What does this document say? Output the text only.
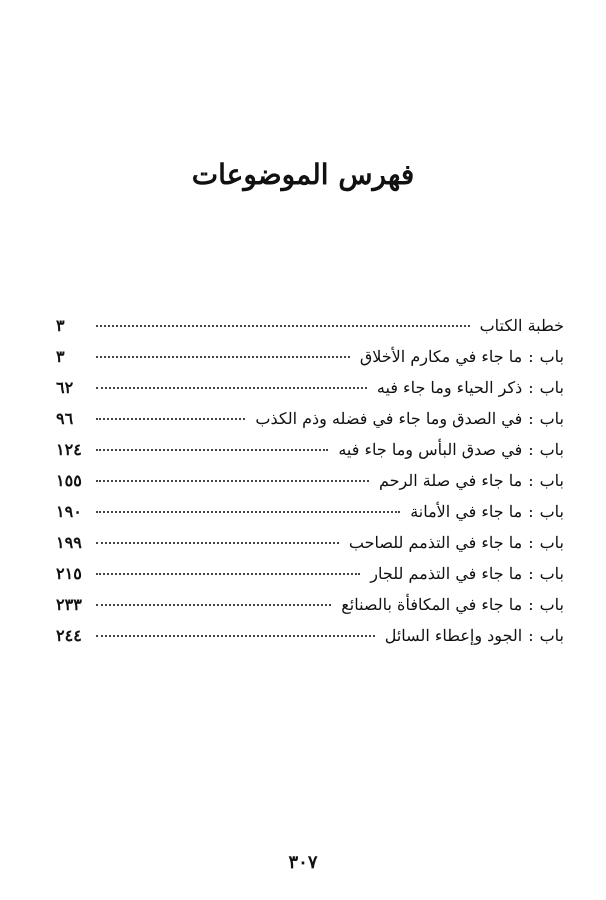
فهرس الموضوعات
خطبة الكتاب
٣
باب:ما جاء في مكارم الأخلاق
٣
باب:ذكر الحياء وما جاء فيه
٦٢
باب:في الصدق وما جاء في فضله وذم الكذب
٩٦
باب:في صدق البأس وما جاء فيه
١٢٤
باب:ما جاء في صلة الرحم
١٥٥
باب:ما جاء في الأمانة
١٩٠
باب:ما جاء في التذمم للصاحب
١٩٩
باب:ما جاء في التذمم للجار
٢١٥
باب:ما جاء في المكافأة بالصنائع
٢٣٣
باب:الجود وإعطاء السائل
٢٤٤
٣٠٧
